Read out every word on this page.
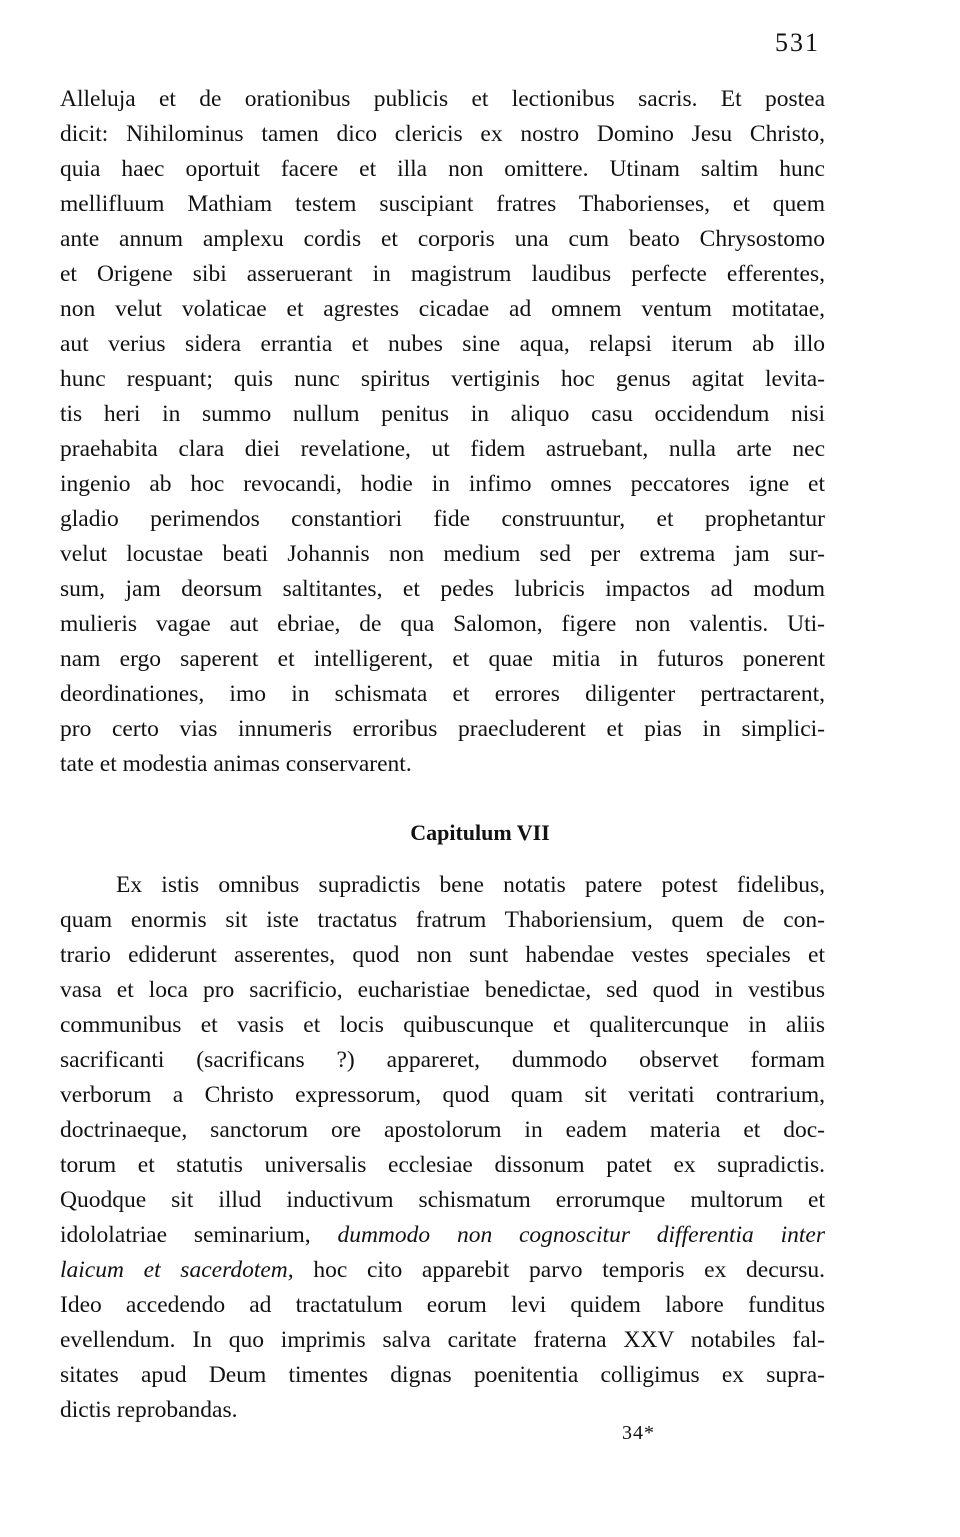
531
Alleluja et de orationibus publicis et lectionibus sacris. Et postea
dicit: Nihilominus tamen dico clericis ex nostro Domino Jesu Christo,
quia haec oportuit facere et illa non omittere. Utinam saltim hunc
mellifluum Mathiam testem suscipiant fratres Thaborienses, et quem
ante annum amplexu cordis et corporis una cum beato Chrysostomo
et Origene sibi asseruerant in magistrum laudibus perfecte efferentes,
non velut volaticae et agrestes cicadae ad omnem ventum motitatae,
aut verius sidera errantia et nubes sine aqua, relapsi iterum ab illo
hunc respuant; quis nunc spiritus vertiginis hoc genus agitat levita-
tis heri in summo nullum penitus in aliquo casu occidendum nisi
praehabita clara diei revelatione, ut fidem astruebant, nulla arte nec
ingenio ab hoc revocandi, hodie in infimo omnes peccatores igne et
gladio perimendos constantiori fide construuntur, et prophetantur
velut locustae beati Johannis non medium sed per extrema jam sur-
sum, jam deorsum saltitantes, et pedes lubricis impactos ad modum
mulieris vagae aut ebriae, de qua Salomon, figere non valentis. Uti-
nam ergo saperent et intelligerent, et quae mitia in futuros ponerent
deordinationes, imo in schismata et errores diligenter pertractarent,
pro certo vias innumeris erroribus praecluderent et pias in simplici-
tate et modestia animas conservarent.
Capitulum VII
Ex istis omnibus supradictis bene notatis patere potest fidelibus,
quam enormis sit iste tractatus fratrum Thaboriensium, quem de con-
trario ediderunt asserentes, quod non sunt habendae vestes speciales et
vasa et loca pro sacrificio, eucharistiae benedictae, sed quod in vestibus
communibus et vasis et locis quibuscunque et qualitercunque in aliis
sacrificanti (sacrificans ?) appareret, dummodo observet formam
verborum a Christo expressorum, quod quam sit veritati contrarium,
doctrinaeque, sanctorum ore apostolorum in eadem materia et doc-
torum et statutis universalis ecclesiae dissonum patet ex supradictis.
Quodque sit illud inductivum schismatum errorumque multorum et
idololatriae seminarium, dummodo non cognoscitur differentia inter
laicum et sacerdotem, hoc cito apparebit parvo temporis ex decursu.
Ideo accedendo ad tractatulum eorum levi quidem labore funditus
evellendum. In quo imprimis salva caritate fraterna XXV notabiles fal-
sitates apud Deum timentes dignas poenitentia colligimus ex supra-
dictis reprobandas.
34*
